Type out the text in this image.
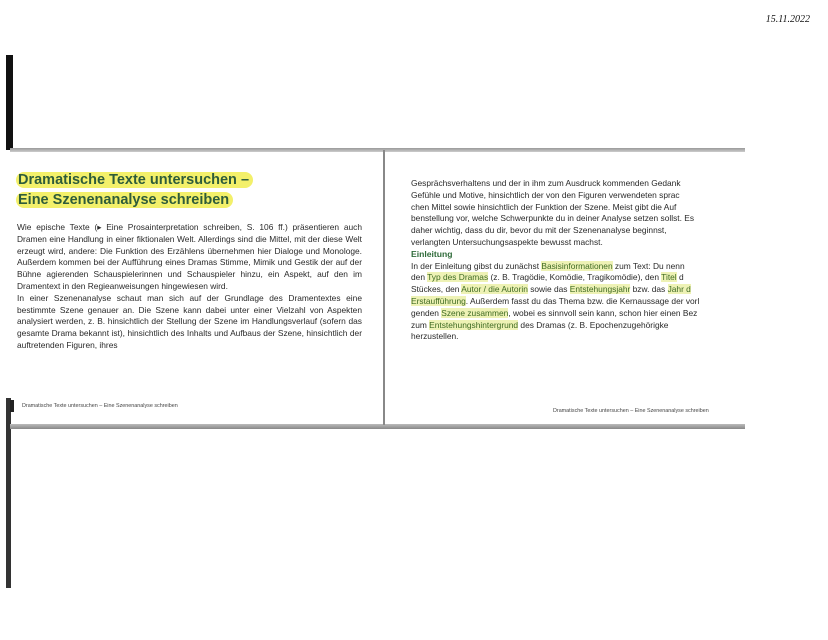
15.11.2022
Dramatische Texte untersuchen –
Eine Szenenanalyse schreiben

Wie epische Texte (▸ Eine Prosainterpretation schreiben, S. 106 ff.) präsentieren auch Dramen eine Handlung in einer fiktionalen Welt. Allerdings sind die Mittel, mit der diese Welt erzeugt wird, andere: Die Funktion des Erzählens übernehmen hier Dialoge und Monologe. Außerdem kommen bei der Aufführung eines Dramas Stimme, Mimik und Gestik der auf der Bühne agierenden Schauspielerinnen und Schauspieler hinzu, ein Aspekt, auf den im Dramentext in den Regieanweisungen hingewiesen wird.

In einer Szenenanalyse schaut man sich auf der Grundlage des Dramentextes eine bestimmte Szene genauer an. Die Szene kann dabei unter einer Vielzahl von Aspekten analysiert werden, z. B. hinsichtlich der Stellung der Szene im Handlungsverlauf (sofern das gesamte Drama bekannt ist), hinsichtlich des Inhalts und Aufbaus der Szene, hinsichtlich der auftretenden Figuren, ihres

Dramatische Texte untersuchen – Eine Szenenanalyse schreiben

Gesprächsverhaltens und der in ihm zum Ausdruck kommenden Gedank

Gefühle und Motive, hinsichtlich der von den Figuren verwendeten sprac

chen Mittel sowie hinsichtlich der Funktion der Szene. Meist gibt die Auf

benstellung vor, welche Schwerpunkte du in deiner Analyse setzen sollst. Es

daher wichtig, dass du dir, bevor du mit der Szenenanalyse beginnst,

verlangten Untersuchungsaspekte bewusst machst.

Einleitung

In der Einleitung gibst du zunächst Basisinformationen zum Text: Du nenn

den Typ des Dramas (z. B. Tragödie, Komödie, Tragikomödie), den Titel d

Stückes, den Autor / die Autorin sowie das Entstehungsjahr bzw. das Jahr d

Erstaufführung. Außerdem fasst du das Thema bzw. die Kernaussage der vorl

genden Szene zusammen, wobei es sinnvoll sein kann, schon hier einen Bez

zum Entstehungshintergrund des Dramas (z. B. Epochenzugehörigke

herzustellen.

Dramatische Texte untersuchen – Eine Szenenanalyse schreiben
